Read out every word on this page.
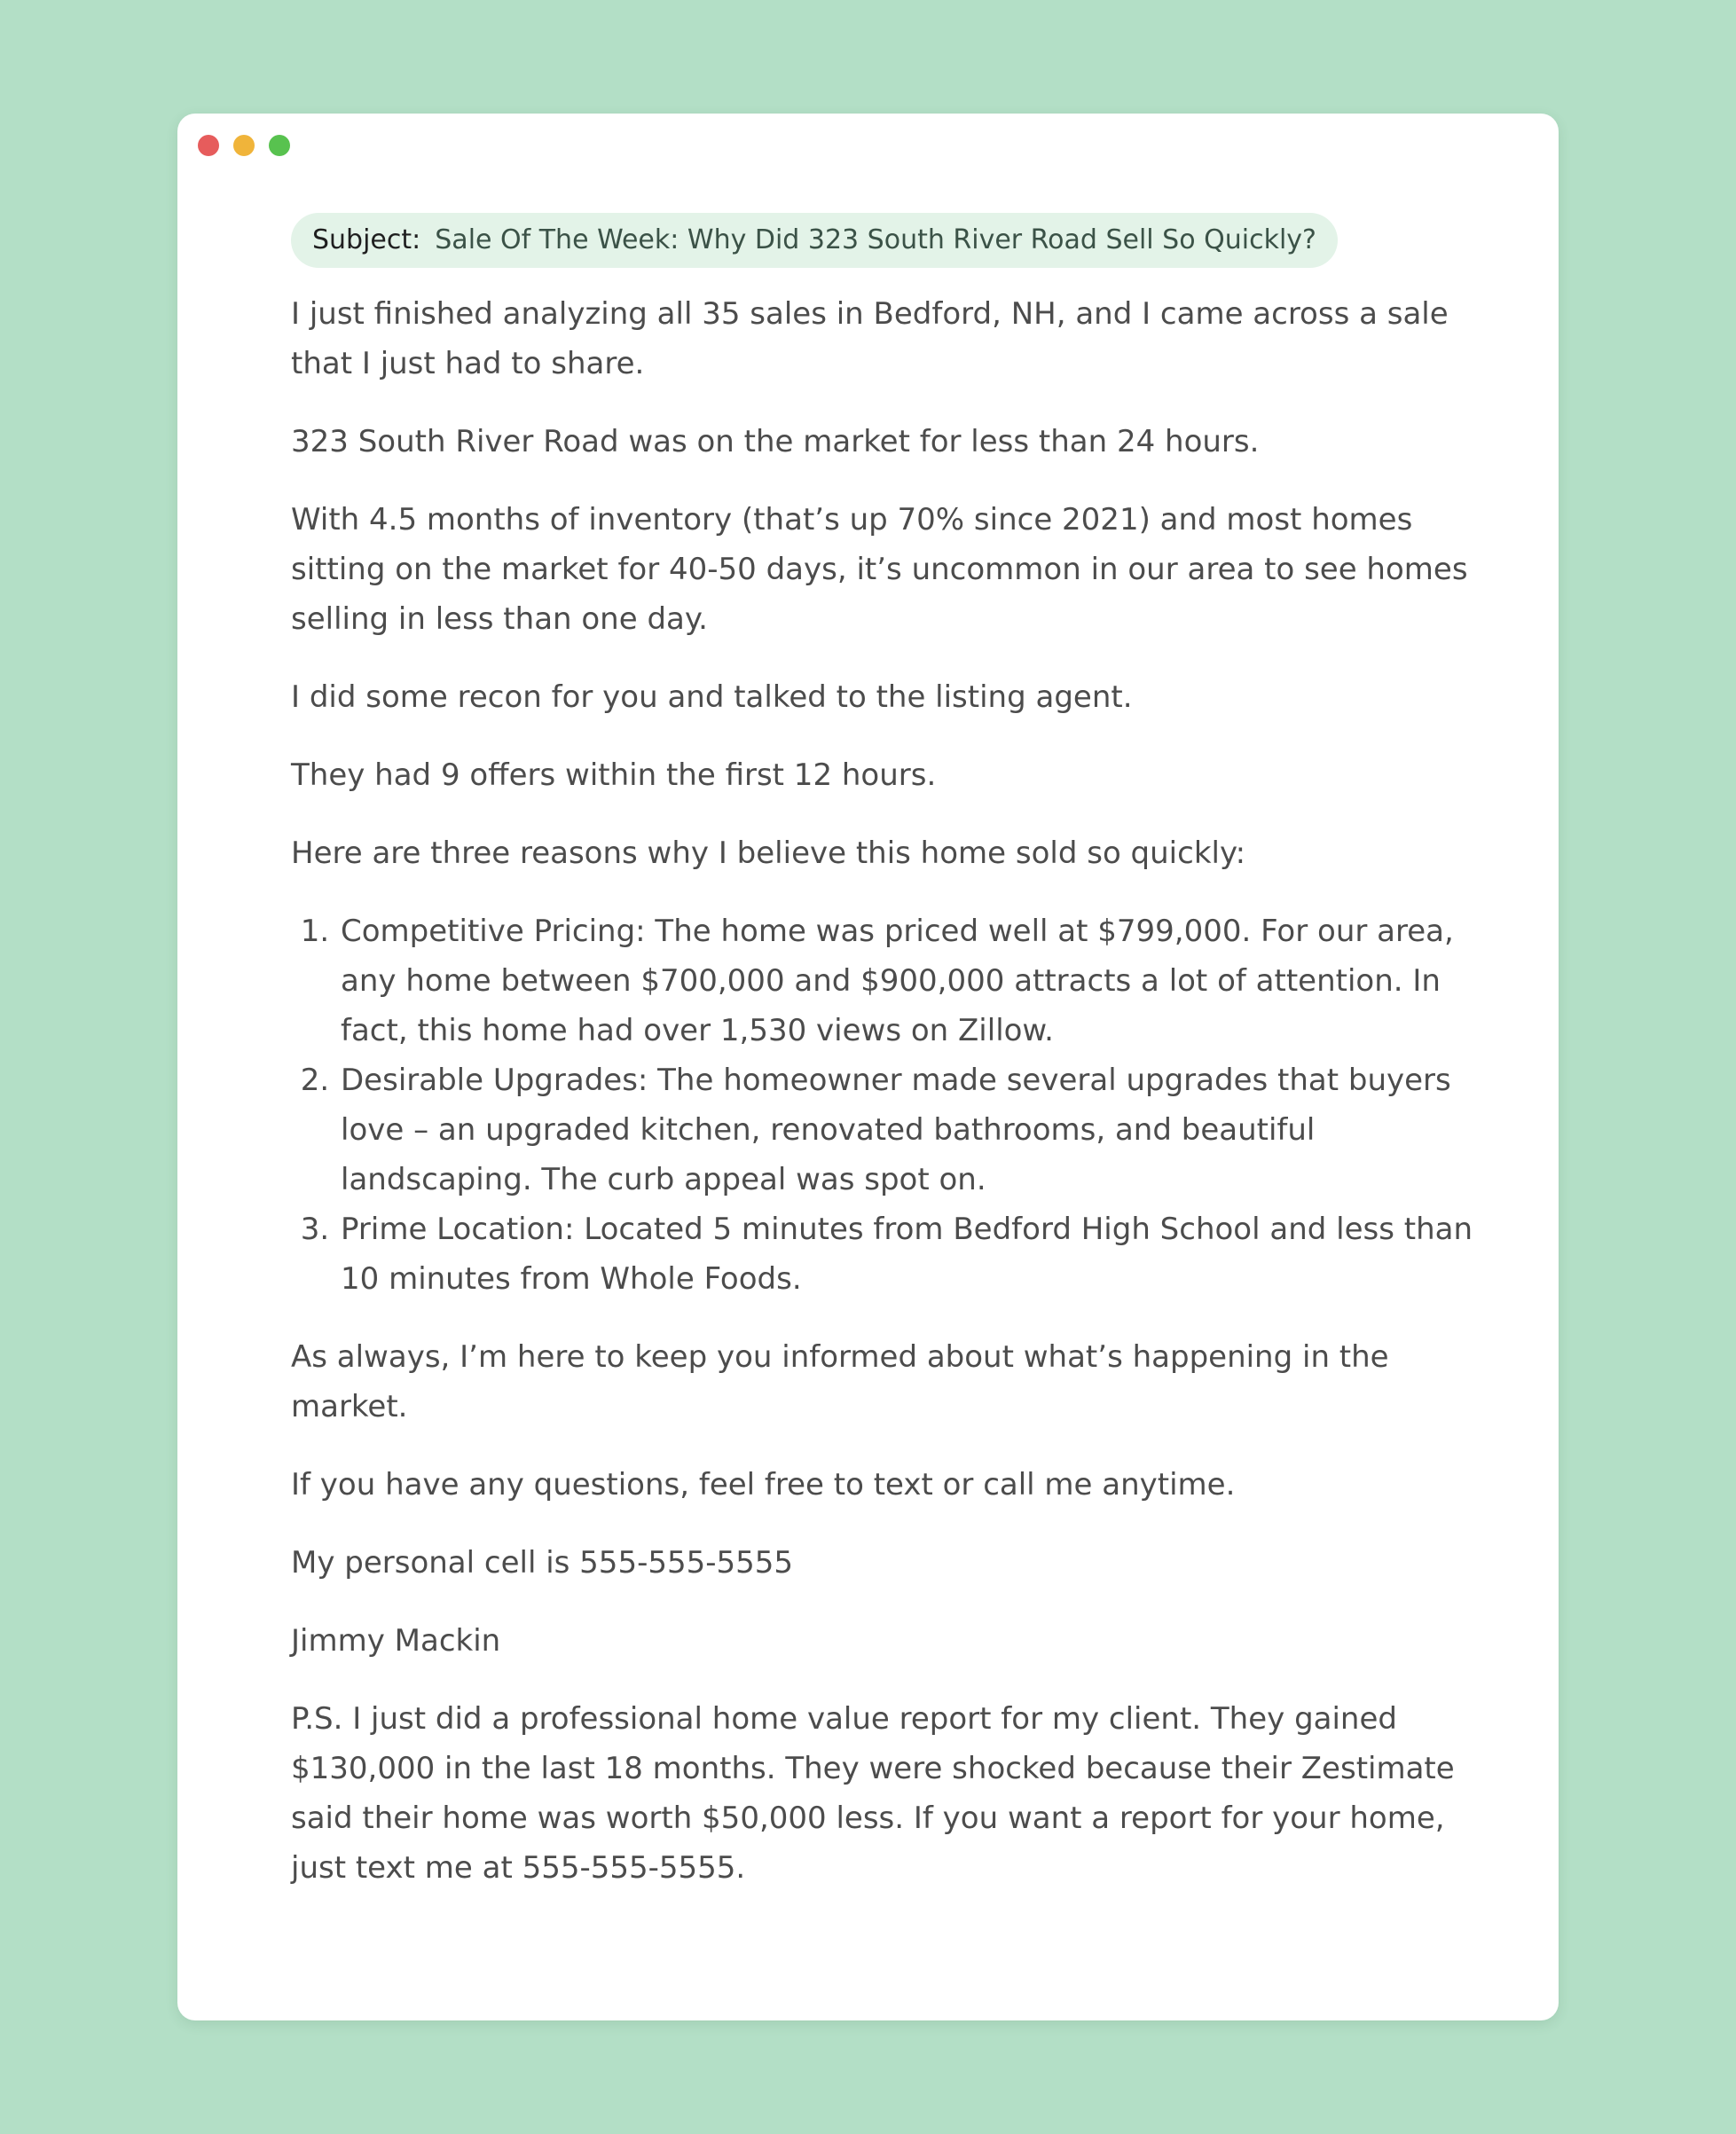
Subject: Sale Of The Week: Why Did 323 South River Road Sell So Quickly?

I just finished analyzing all 35 sales in Bedford, NH, and I came across a sale that I just had to share.

323 South River Road was on the market for less than 24 hours.

With 4.5 months of inventory (that’s up 70% since 2021) and most homes sitting on the market for 40-50 days, it’s uncommon in our area to see homes selling in less than one day.

I did some recon for you and talked to the listing agent.

They had 9 offers within the first 12 hours.

Here are three reasons why I believe this home sold so quickly:

1. Competitive Pricing: The home was priced well at $799,000. For our area, any home between $700,000 and $900,000 attracts a lot of attention. In fact, this home had over 1,530 views on Zillow.
2. Desirable Upgrades: The homeowner made several upgrades that buyers love – an upgraded kitchen, renovated bathrooms, and beautiful landscaping. The curb appeal was spot on.
3. Prime Location: Located 5 minutes from Bedford High School and less than 10 minutes from Whole Foods.

As always, I’m here to keep you informed about what’s happening in the market.

If you have any questions, feel free to text or call me anytime.

My personal cell is 555-555-5555

Jimmy Mackin

P.S. I just did a professional home value report for my client. They gained $130,000 in the last 18 months. They were shocked because their Zestimate said their home was worth $50,000 less. If you want a report for your home, just text me at 555-555-5555.
